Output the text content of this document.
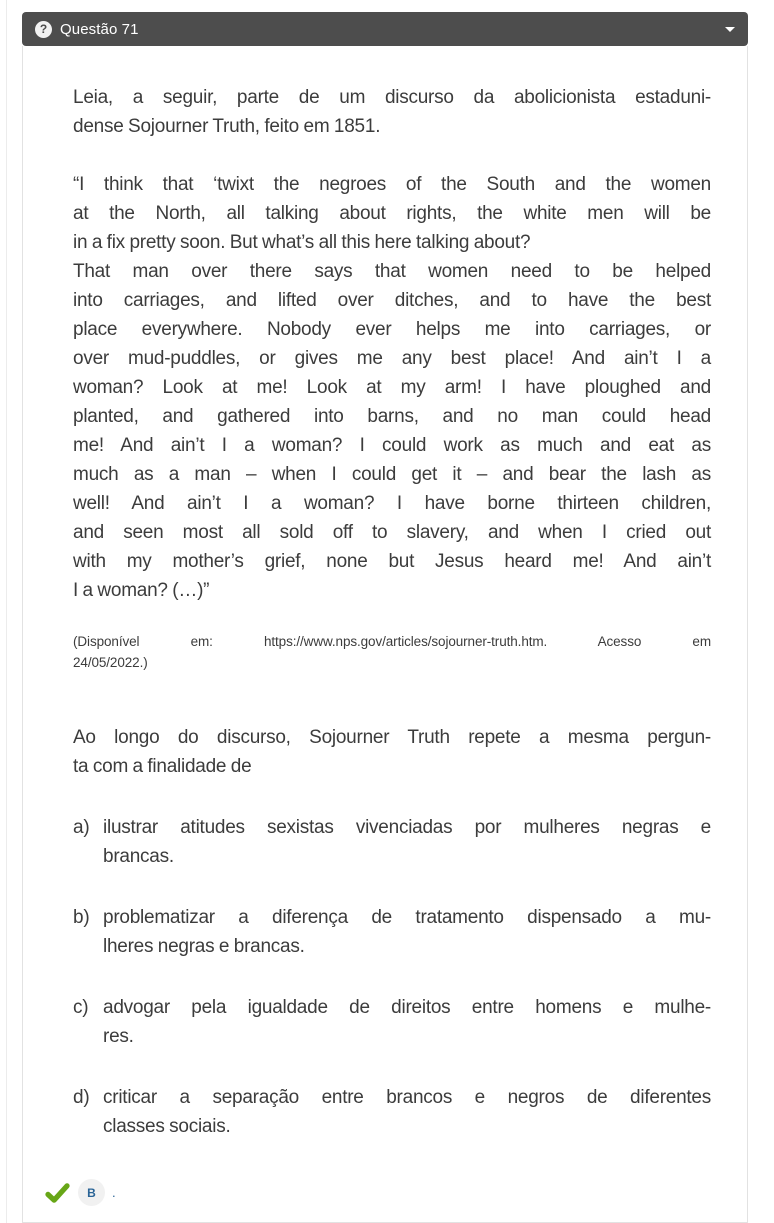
? Questão 71
Leia, a seguir, parte de um discurso da abolicionista estaduni-
dense Sojourner Truth, feito em 1851.
“I think that ‘twixt the negroes of the South and the women
at the North, all talking about rights, the white men will be
in a fix pretty soon. But what’s all this here talking about?
That man over there says that women need to be helped
into carriages, and lifted over ditches, and to have the best
place everywhere. Nobody ever helps me into carriages, or
over mud-puddles, or gives me any best place! And ain’t I a
woman? Look at me! Look at my arm! I have ploughed and
planted, and gathered into barns, and no man could head
me! And ain’t I a woman? I could work as much and eat as
much as a man – when I could get it – and bear the lash as
well! And ain’t I a woman? I have borne thirteen children,
and seen most all sold off to slavery, and when I cried out
with my mother’s grief, none but Jesus heard me! And ain’t
I a woman? (…)”
(Disponível em: https://www.nps.gov/articles/sojourner-truth.htm. Acesso em
24/05/2022.)
Ao longo do discurso, Sojourner Truth repete a mesma pergun-
ta com a finalidade de
a) ilustrar atitudes sexistas vivenciadas por mulheres negras e
brancas.
b) problematizar a diferença de tratamento dispensado a mu-
lheres negras e brancas.
c) advogar pela igualdade de direitos entre homens e mulhe-
res.
d) criticar a separação entre brancos e negros de diferentes
classes sociais.
B	.
